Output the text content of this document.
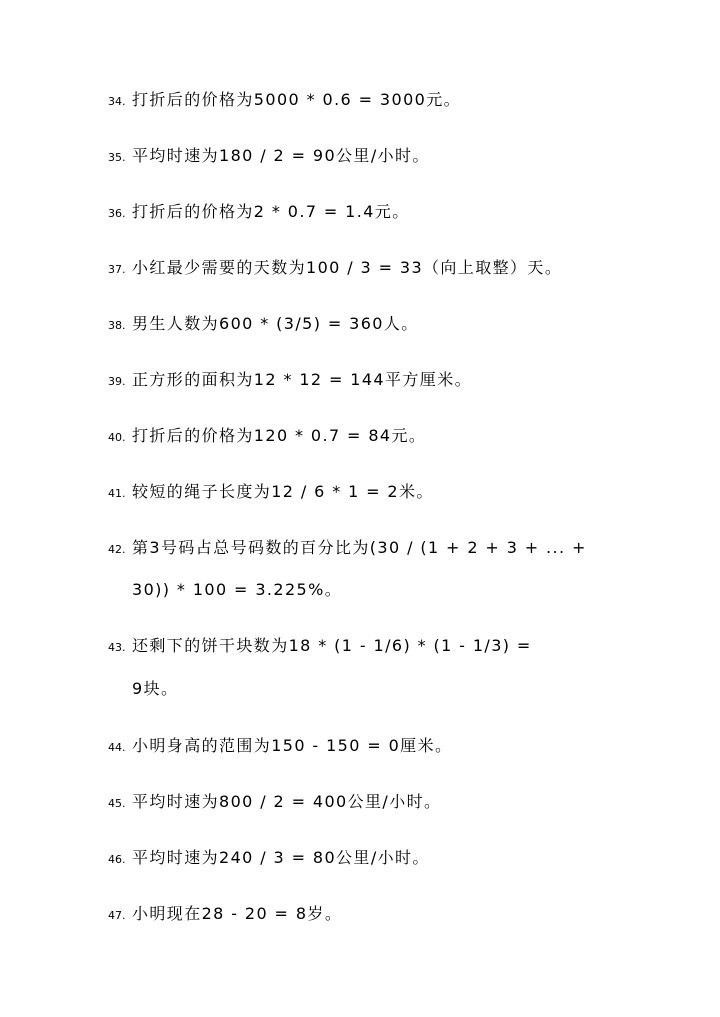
34. 打折后的价格为5000 * 0.6 = 3000元。
35. 平均时速为180 / 2 = 90公里/小时。
36. 打折后的价格为2 * 0.7 = 1.4元。
37. 小红最少需要的天数为100 / 3 = 33（向上取整）天。
38. 男生人数为600 * (3/5) = 360人。
39. 正方形的面积为12 * 12 = 144平方厘米。
40. 打折后的价格为120 * 0.7 = 84元。
41. 较短的绳子长度为12 / 6 * 1 = 2米。
42. 第3号码占总号码数的百分比为(30 / (1 + 2 + 3 + ... +
30)) * 100 = 3.225%。
43. 还剩下的饼干块数为18 * (1 - 1/6) * (1 - 1/3) =
9块。
44. 小明身高的范围为150 - 150 = 0厘米。
45. 平均时速为800 / 2 = 400公里/小时。
46. 平均时速为240 / 3 = 80公里/小时。
47. 小明现在28 - 20 = 8岁。
